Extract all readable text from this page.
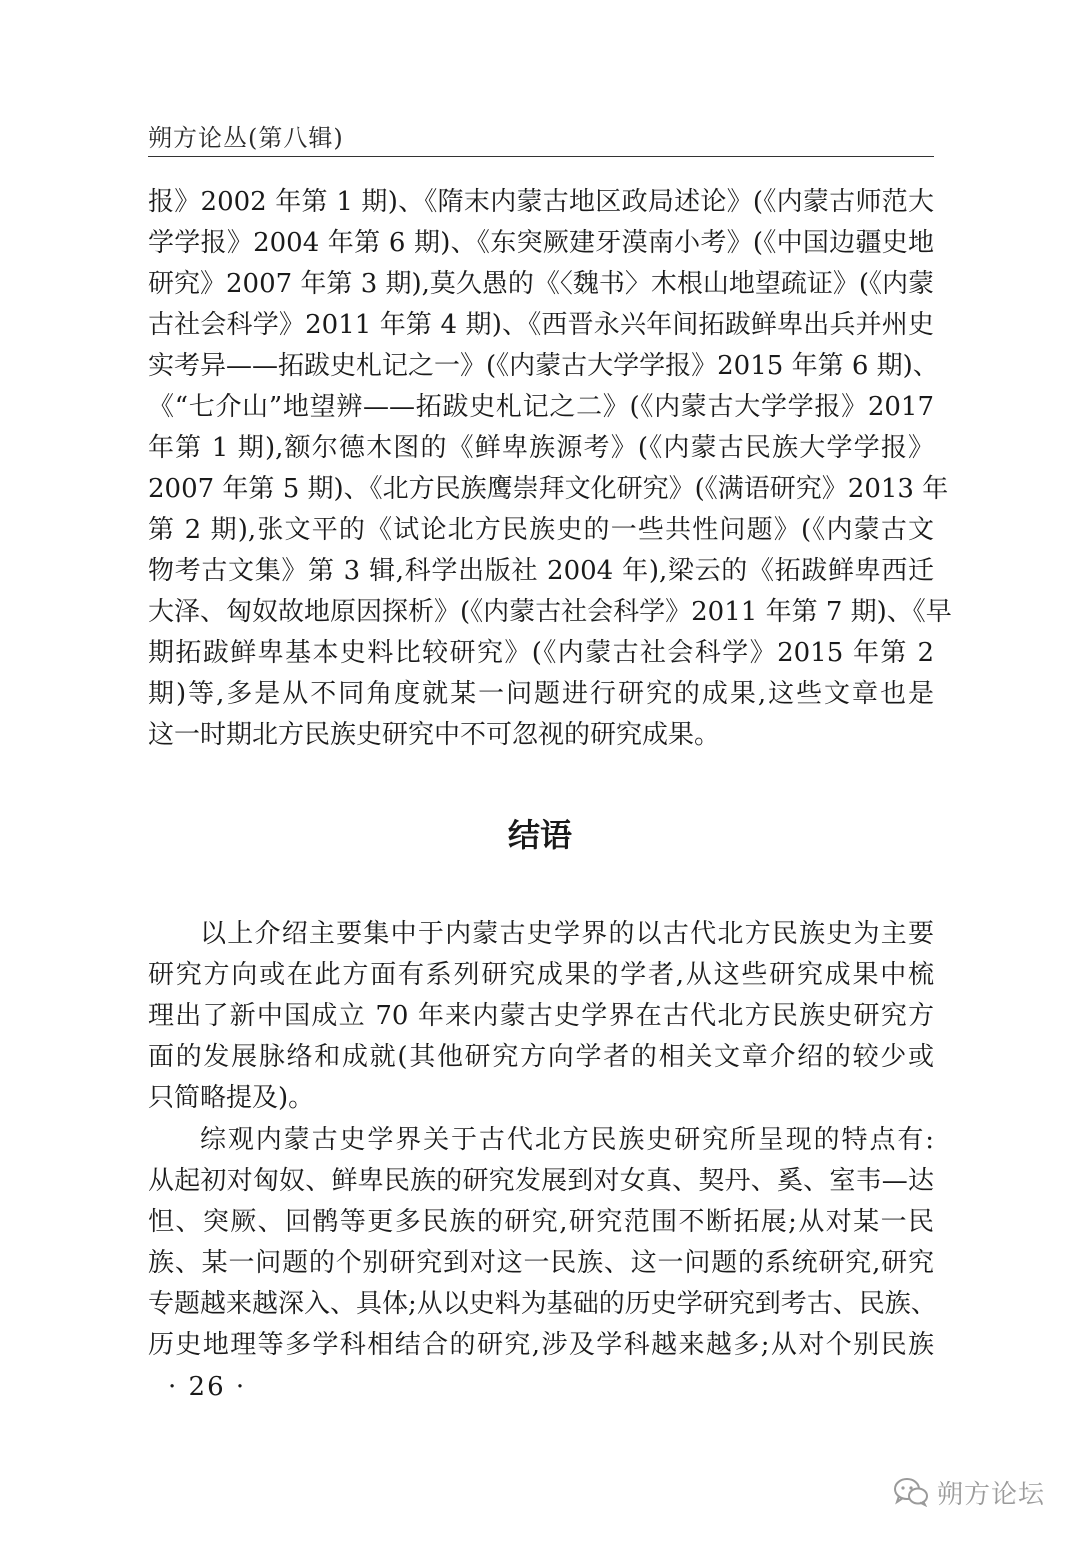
朔方论丛(第八辑)
报》2002 年第 1 期)、《隋末内蒙古地区政局述论》(《内蒙古师范大
学学报》2004 年第 6 期)、《东突厥建牙漠南小考》(《中国边疆史地
研究》2007 年第 3 期),莫久愚的《〈魏书〉木根山地望疏证》(《内蒙
古社会科学》2011 年第 4 期)、《西晋永兴年间拓跋鲜卑出兵并州史
实考异——拓跋史札记之一》(《内蒙古大学学报》2015 年第 6 期)、
《“七介山”地望辨——拓跋史札记之二》(《内蒙古大学学报》2017
年第 1 期),额尔德木图的《鲜卑族源考》(《内蒙古民族大学学报》
2007 年第 5 期)、《北方民族鹰崇拜文化研究》(《满语研究》2013 年
第 2 期),张文平的《试论北方民族史的一些共性问题》(《内蒙古文
物考古文集》第 3 辑,科学出版社 2004 年),梁云的《拓跋鲜卑西迁
大泽、匈奴故地原因探析》(《内蒙古社会科学》2011 年第 7 期)、《早
期拓跋鲜卑基本史料比较研究》(《内蒙古社会科学》2015 年第 2
期)等,多是从不同角度就某一问题进行研究的成果,这些文章也是
这一时期北方民族史研究中不可忽视的研究成果。
结语
以上介绍主要集中于内蒙古史学界的以古代北方民族史为主要
研究方向或在此方面有系列研究成果的学者,从这些研究成果中梳
理出了新中国成立 70 年来内蒙古史学界在古代北方民族史研究方
面的发展脉络和成就(其他研究方向学者的相关文章介绍的较少或
只简略提及)。
综观内蒙古史学界关于古代北方民族史研究所呈现的特点有:
从起初对匈奴、鲜卑民族的研究发展到对女真、契丹、奚、室韦—达
怛、突厥、回鹘等更多民族的研究,研究范围不断拓展;从对某一民
族、某一问题的个别研究到对这一民族、这一问题的系统研究,研究
专题越来越深入、具体;从以史料为基础的历史学研究到考古、民族、
历史地理等多学科相结合的研究,涉及学科越来越多;从对个别民族
· 26 ·
朔方论坛
